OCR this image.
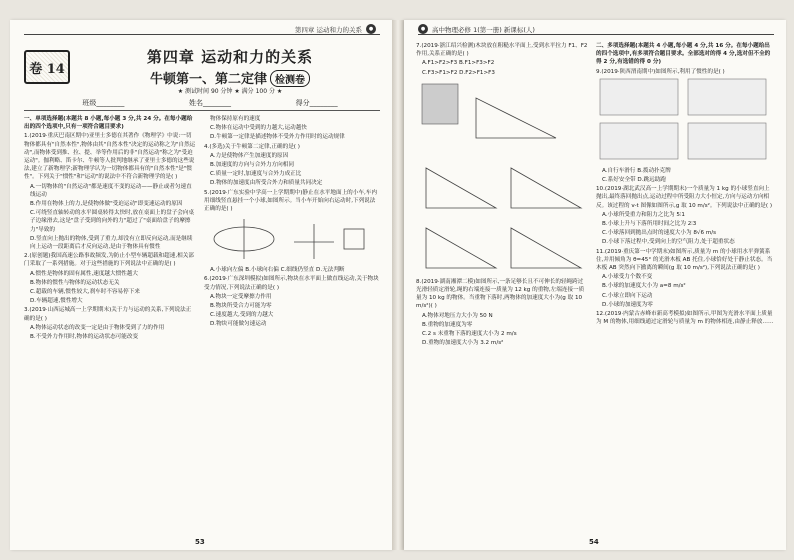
第四章 运动和力的关系	●
卷 14
第四章 运动和力的关系
牛顿第一、第二定律 检测卷
★ 测试时间 90 分钟 ★ 满分 100 分 ★
班级 ________	姓名 ________	得分 ________

一、单项选择题(本题共 8 小题,每小题 3 分,共 24 分。在每小题给出的四个选项中,只有一项符合题目要求)

1.(2019·重庆巴南区期中)亚里士多德在其著作《物理学》中说:一切物体都具有"自然本性",物体由其"自然本性"决定的运动称之为"自然运动",而物体受到推、拉、提、举等作用后的非"自然运动"称之为"受迫运动"。伽利略、笛卡尔、牛顿等人批判地继承了亚里士多德的这些说法,建立了新物理学;新物理学认为一切物体都具有的"自然本性"是"惯性"。下列关于"惯性"和"运动"的说法中不符合新物理学的是( )

A.一切物体的"自然运动"都是速度不变的运动——静止或者匀速直线运动

B.作用在物体上的力,是使物体做"受迫运动"即变速运动的原因

C.可绕竖直轴转动的水平圆桌转得太快时,放在桌面上的盘子会向桌子边缘滑去,这是"盘子受到的向外的力"超过了"桌面给盘子的摩擦力"导致的

D.竖直向上抛出的物体,受到了重力,却没有立即反向运动,而是继续向上运动一段距离后才反向运动,是由于物体具有惯性

2.(原创题)我国高速公路事故频发,为防止小型车辆超载和超速,相关部门采取了一系列措施。对于这些措施的下列说法中正确的是( )

A.惯性是物体的固有属性,速度越大惯性越大

B.物体的惯性与物体的运动状态无关

C.超载的车辆,惯性较大,刹车时不容易停下来

D.车辆超速,惯性增大

3.(2019·山西运城高一上学期期末)关于力与运动的关系,下列说法正确的是( )

A.物体运动状态的改变一定是由于物体受到了力的作用

B.不受外力作用时,物体的运动状态可能改变

物体保持原有的速度

C.物体在运动中受到的力越大,运动越快

D.牛顿第一定律是描述物体不受外力作用时的运动规律

4.(多选)关于牛顿第二定律,正确的是( )

A.力是使物体产生加速度的原因

B.加速度的方向与合外力方向相同

C.质量一定时,加速度与合外力成正比

D.物体的加速度由所受合外力和质量共同决定

5.(2019·广东实验中学高一上学期期中)静止在水平地面上的小车,车内用细线竖直悬挂一个小球,如图所示。当小车开始向右运动时,下列说法正确的是( )

A.小球向左偏 B.小球向右偏 C.细线仍竖直 D.无法判断

6.(2019·广东深圳模拟)如图所示,物块在水平面上做直线运动,关于物块受力情况,下列说法正确的是( )

A.物块一定受摩擦力作用

B.物块所受合力可能为零

C.速度越大,受到的力越大

D.物块可能做匀速运动

53
●	高中物理必修 1(第一册) 新课标(人)

7.(2019·浙江绍兴检测)木块放在粗糙水平面上,受到水平拉力 F1、F2 作用,关系正确的是( )

A.F1>F2>F3 B.F1>F3>F2

C.F3>F1>F2 D.F2>F1>F3

8.(2019·湖南湘潭二模)如图所示,一条足够长且不可伸长的轻绳跨过光滑轻质定滑轮,绳的右端连接一质量为 12 kg 的重物,左端连接一质量为 10 kg 的物体。当重物下落时,两物体的加速度大小为(g 取 10 m/s²)( )

A.物体对地压力大小为 50 N

B.重物的加速度为零

C.2 s 末重物下落的速度大小为 2 m/s

D.重物的加速度大小为 3.2 m/s²

二、多项选择题(本题共 4 小题,每小题 4 分,共 16 分。在每小题给出的四个选项中,有多项符合题目要求。全部选对的得 4 分,选对但不全的得 2 分,有选错的得 0 分)

9.(2019·陕西渭南期中)如图所示,利用了惯性的是( )

A.自行车滑行 B.拨动扑克牌

C.系好安全带 D.跳远助跑

10.(2019·湖北武汉高一上学期期末)一个质量为 1 kg 的小球竖直向上抛出,最终落回抛出点,运动过程中所受阻力大小恒定,方向与运动方向相反。该过程的 v-t 图像如图所示,g 取 10 m/s²。下列说法中正确的是( )

A.小球所受重力和阻力之比为 5∶1

B.小球上升与下落所用时间之比为 2∶3

C.小球落回到抛出点时的速度大小为 8√6 m/s

D.小球下落过程中,受到向上的空气阻力,处于超重状态

11.(2019·重庆第一中学期末)如图所示,质量为 m 的小球用水平弹簧系住,并用倾角为 θ=45° 的光滑木板 AB 托住,小球恰好处于静止状态。当木板 AB 突然向下撤离的瞬间(g 取 10 m/s²),下列说法正确的是( )

A.小球受力个数不变

B.小球的加速度大小为 a=8 m/s²

C.小球立即向下运动

D.小球的加速度为零

12.(2019·内蒙古赤峰市新高考模拟)如图所示,甲图为光滑水平面上质量为 M 的物体,用细线通过定滑轮与质量为 m 的物体相连,由静止释放……

54
